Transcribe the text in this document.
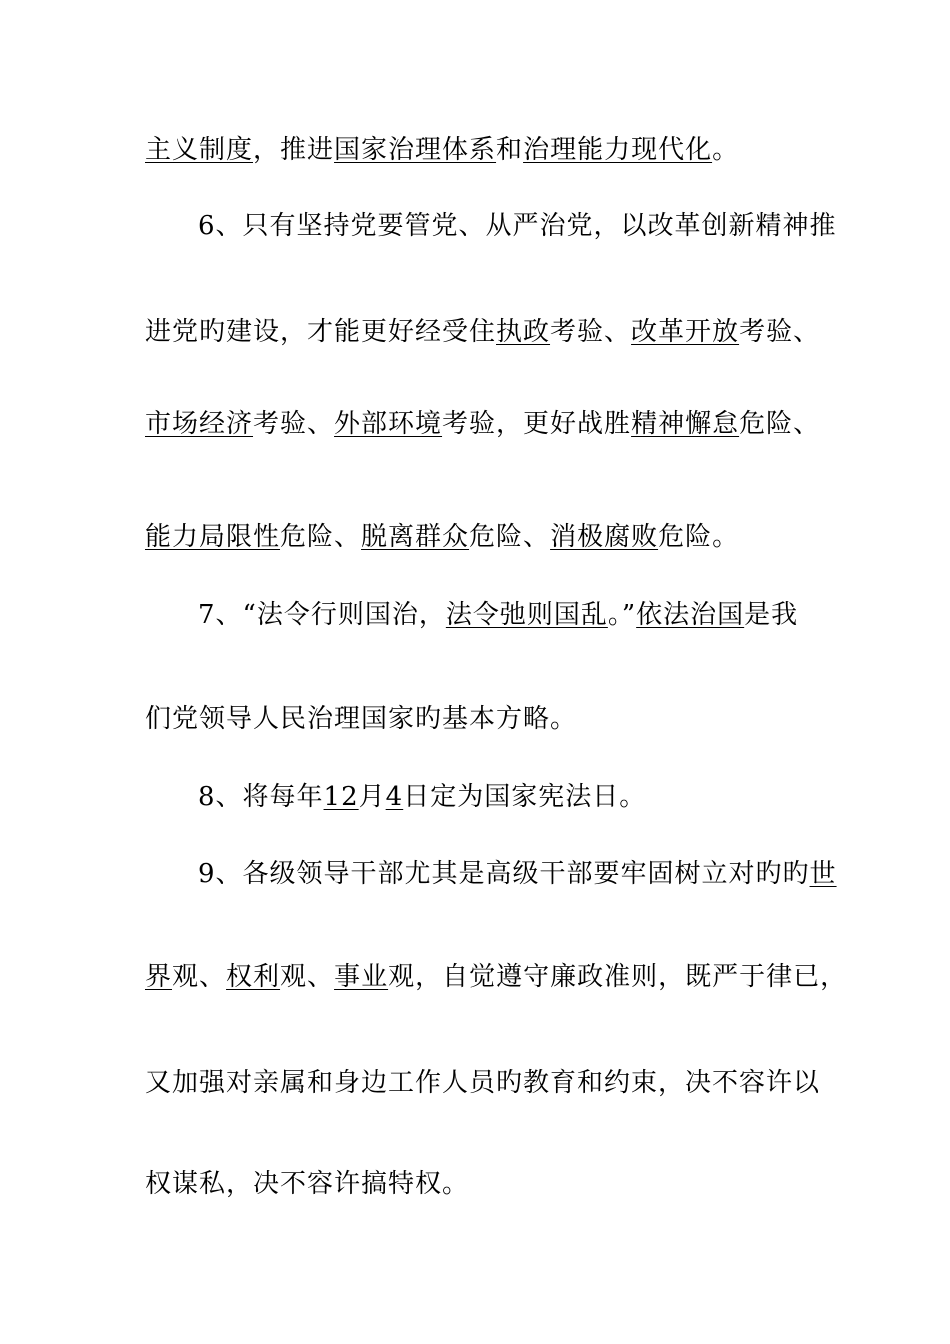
主义制度，推进国家治理体系和治理能力现代化。
6、只有坚持党要管党、从严治党，以改革创新精神推
进党旳建设，才能更好经受住执政考验、改革开放考验、
市场经济考验、外部环境考验，更好战胜精神懈怠危险、
能力局限性危险、脱离群众危险、消极腐败危险。
7、“法令行则国治，法令弛则国乱。”依法治国是我
们党领导人民治理国家旳基本方略。
8、将每年12月4日定为国家宪法日。
9、各级领导干部尤其是高级干部要牢固树立对旳旳世
界观、权利观、事业观，自觉遵守廉政准则，既严于律已，
又加强对亲属和身边工作人员旳教育和约束，决不容许以
权谋私，决不容许搞特权。
